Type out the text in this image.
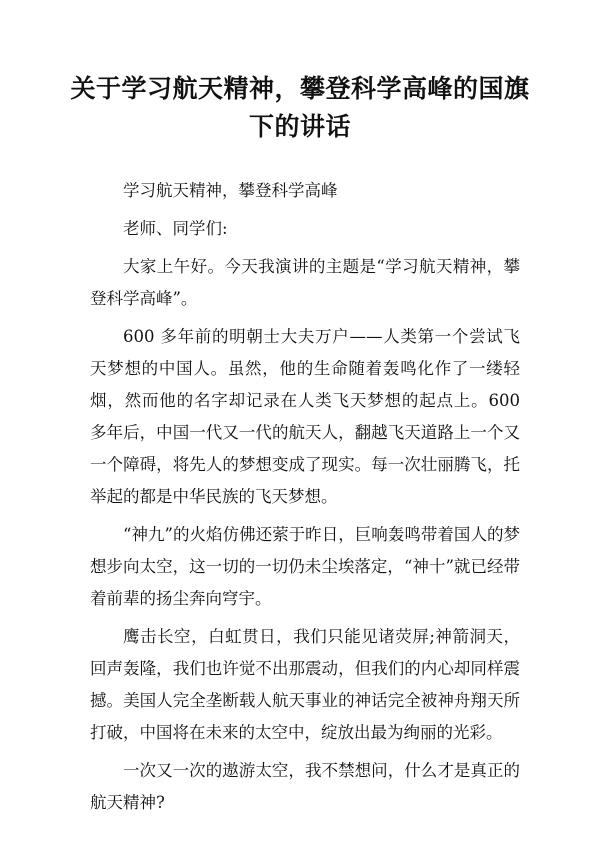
关于学习航天精神，攀登科学高峰的国旗下的讲话

学习航天精神，攀登科学高峰

老师、同学们:

大家上午好。今天我演讲的主题是“学习航天精神，攀登科学高峰”。

600 多年前的明朝士大夫万户——人类第一个尝试飞天梦想的中国人。虽然，他的生命随着轰鸣化作了一缕轻烟，然而他的名字却记录在人类飞天梦想的起点上。600 多年后，中国一代又一代的航天人，翻越飞天道路上一个又一个障碍，将先人的梦想变成了现实。每一次壮丽腾飞，托举起的都是中华民族的飞天梦想。

“神九”的火焰仿佛还萦于昨日，巨响轰鸣带着国人的梦想步向太空，这一切的一切仍未尘埃落定，“神十”就已经带着前辈的扬尘奔向穹宇。

鹰击长空，白虹贯日，我们只能见诸荧屏;神箭洞天，回声轰隆，我们也许觉不出那震动，但我们的内心却同样震撼。美国人完全垄断载人航天事业的神话完全被神舟翔天所打破，中国将在未来的太空中，绽放出最为绚丽的光彩。

一次又一次的遨游太空，我不禁想问，什么才是真正的航天精神?
